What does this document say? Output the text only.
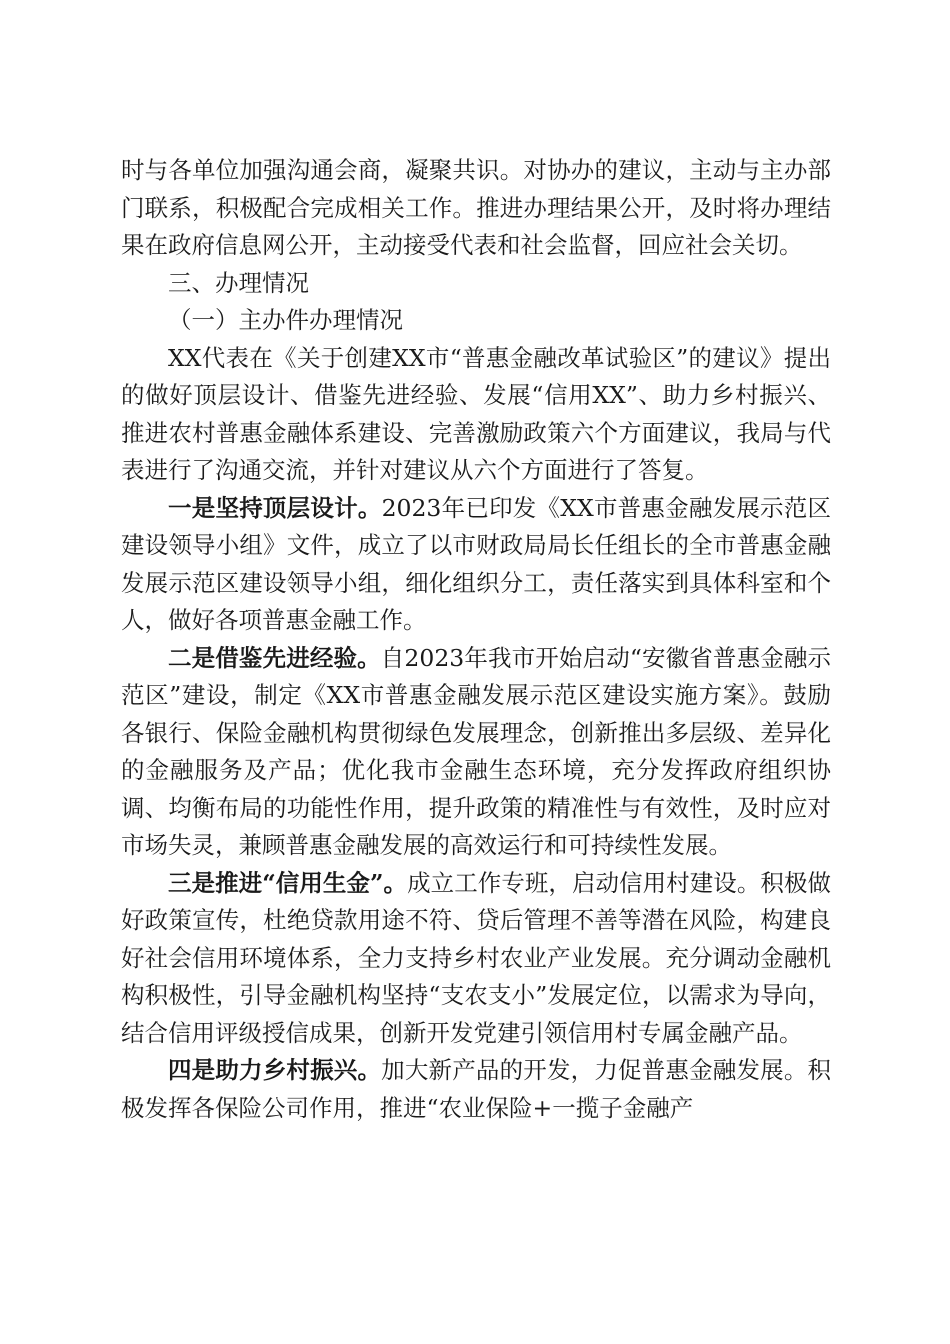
时与各单位加强沟通会商，凝聚共识。对协办的建议，主动与主办部门联系，积极配合完成相关工作。推进办理结果公开，及时将办理结果在政府信息网公开，主动接受代表和社会监督，回应社会关切。

三、办理情况

（一）主办件办理情况

XX代表在《关于创建XX市“普惠金融改革试验区”的建议》提出的做好顶层设计、借鉴先进经验、发展“信用XX”、助力乡村振兴、推进农村普惠金融体系建设、完善激励政策六个方面建议，我局与代表进行了沟通交流，并针对建议从六个方面进行了答复。

一是坚持顶层设计。2023年已印发《XX市普惠金融发展示范区建设领导小组》文件，成立了以市财政局局长任组长的全市普惠金融发展示范区建设领导小组，细化组织分工，责任落实到具体科室和个人，做好各项普惠金融工作。

二是借鉴先进经验。自2023年我市开始启动“安徽省普惠金融示范区”建设，制定《XX市普惠金融发展示范区建设实施方案》。鼓励各银行、保险金融机构贯彻绿色发展理念，创新推出多层级、差异化的金融服务及产品；优化我市金融生态环境，充分发挥政府组织协调、均衡布局的功能性作用，提升政策的精准性与有效性，及时应对市场失灵，兼顾普惠金融发展的高效运行和可持续性发展。

三是推进“信用生金”。成立工作专班，启动信用村建设。积极做好政策宣传，杜绝贷款用途不符、贷后管理不善等潜在风险，构建良好社会信用环境体系，全力支持乡村农业产业发展。充分调动金融机构积极性，引导金融机构坚持“支农支小”发展定位，以需求为导向，结合信用评级授信成果，创新开发党建引领信用村专属金融产品。

四是助力乡村振兴。加大新产品的开发，力促普惠金融发展。积极发挥各保险公司作用，推进“农业保险+一揽子金融产
